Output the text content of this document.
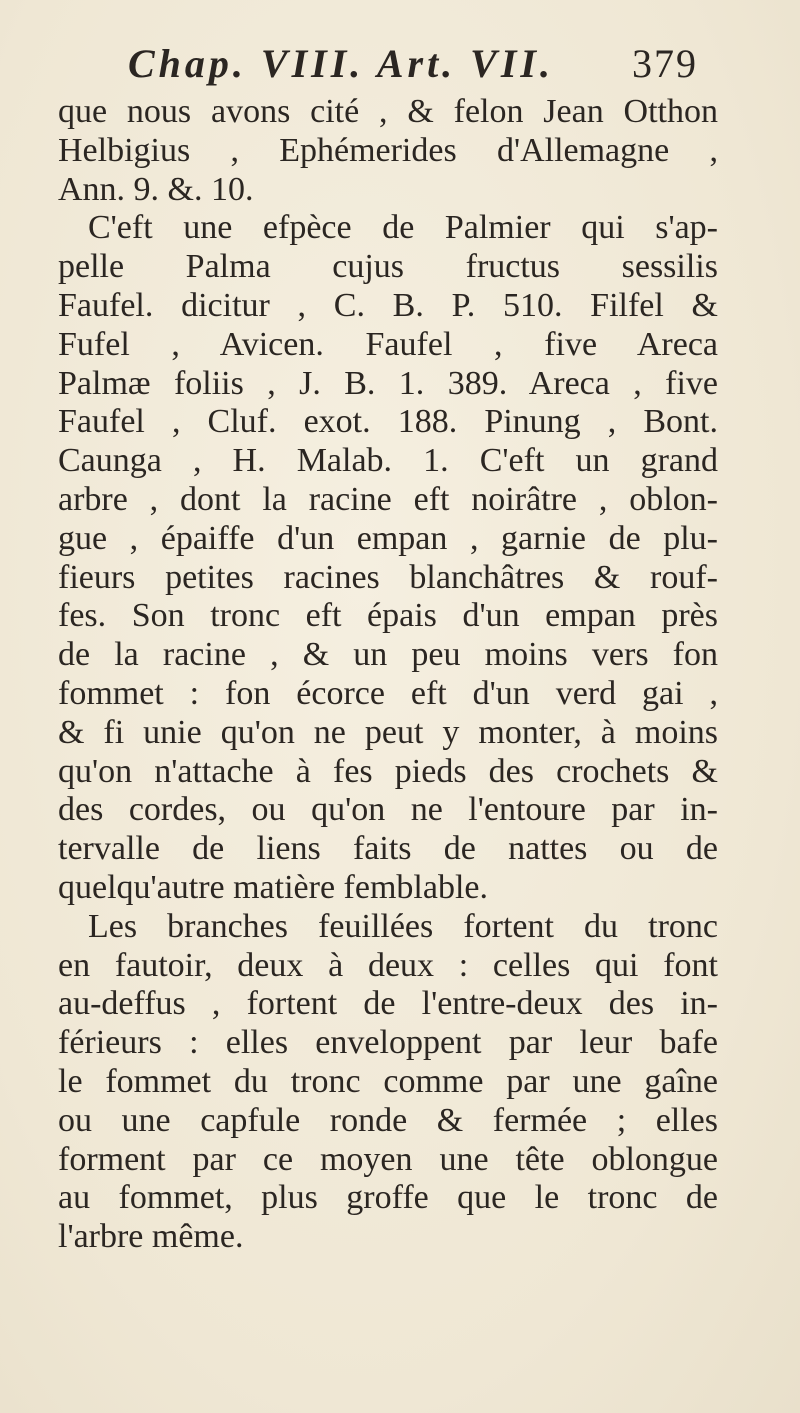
Chap. VIII. Art. VII. 379
que nous avons cité , & felon Jean Otthon
Helbigius , Ephémerides d'Allemagne ,
Ann. 9. &. 10.
C'eft une efpèce de Palmier qui s'ap-
pelle Palma cujus fructus sessilis
Faufel. dicitur , C. B. P. 510. Filfel &
Fufel , Avicen. Faufel , five Areca
Palmæ foliis , J. B. 1. 389. Areca , five
Faufel , Cluf. exot. 188. Pinung , Bont.
Caunga , H. Malab. 1. C'eft un grand
arbre , dont la racine eft noirâtre , oblon-
gue , épaiffe d'un empan , garnie de plu-
fieurs petites racines blanchâtres & rouf-
fes. Son tronc eft épais d'un empan près
de la racine , & un peu moins vers fon
fommet : fon écorce eft d'un verd gai ,
& fi unie qu'on ne peut y monter, à moins
qu'on n'attache à fes pieds des crochets &
des cordes, ou qu'on ne l'entoure par in-
tervalle de liens faits de nattes ou de
quelqu'autre matière femblable.
Les branches feuillées fortent du tronc
en fautoir, deux à deux : celles qui font
au-deffus , fortent de l'entre-deux des in-
férieurs : elles enveloppent par leur bafe
le fommet du tronc comme par une gaîne
ou une capfule ronde & fermée ; elles
forment par ce moyen une tête oblongue
au fommet, plus groffe que le tronc de
l'arbre même.
